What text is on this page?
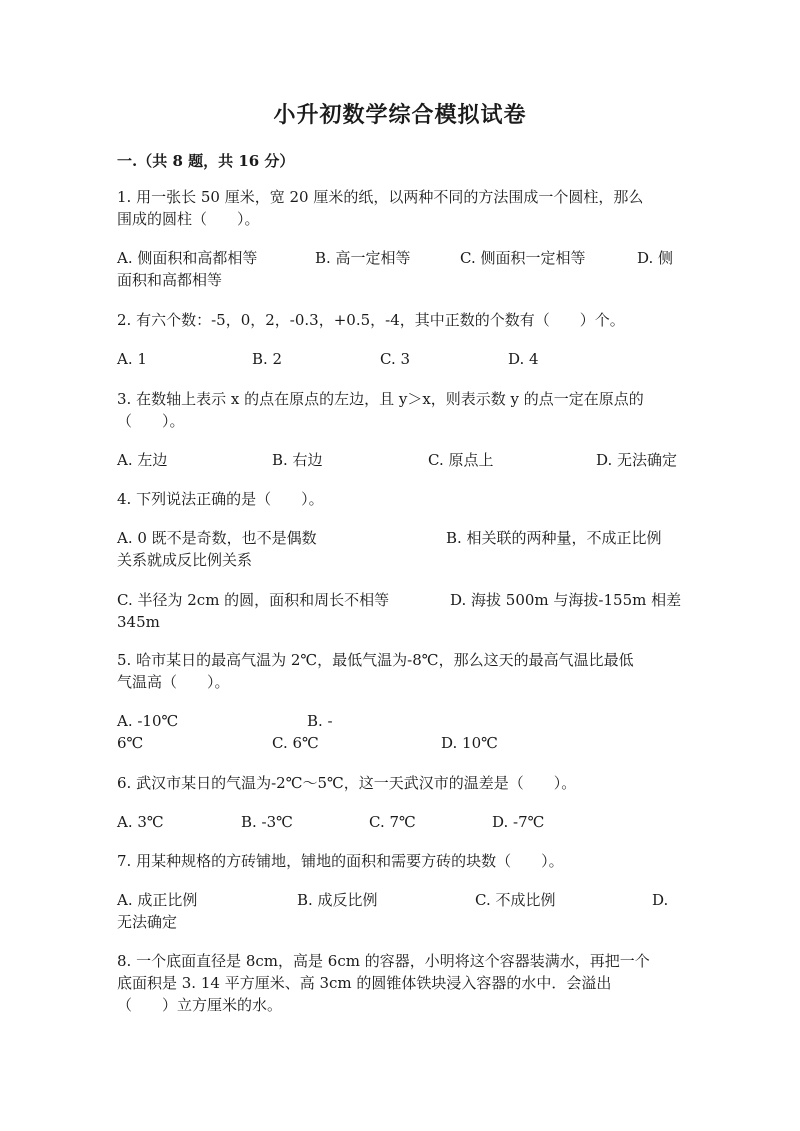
小升初数学综合模拟试卷
一.（共 8 题，共 16 分）
1. 用一张长 50 厘米，宽 20 厘米的纸，以两种不同的方法围成一个圆柱，那么
围成的圆柱（　　）。
A. 侧面积和高都相等	B. 高一定相等	C. 侧面积一定相等	D. 侧
面积和高都相等
2. 有六个数：-5，0，2，-0.3，+0.5，-4，其中正数的个数有（　　）个。
A. 1	B. 2	C. 3	D. 4
3. 在数轴上表示 x 的点在原点的左边，且 y＞x，则表示数 y 的点一定在原点的
（　　）。
A. 左边	B. 右边	C. 原点上	D. 无法确定
4. 下列说法正确的是（　　）。
A. 0 既不是奇数，也不是偶数	B. 相关联的两种量，不成正比例
关系就成反比例关系
C. 半径为 2cm 的圆，面积和周长不相等	D. 海拔 500m 与海拔-155m 相差
345m
5. 哈市某日的最高气温为 2℃，最低气温为-8℃，那么这天的最高气温比最低
气温高（　　）。
A. -10℃	B. -
6℃	C. 6℃	D. 10℃
6. 武汉市某日的气温为-2℃～5℃，这一天武汉市的温差是（　　）。
A. 3℃	B. -3℃	C. 7℃	D. -7℃
7. 用某种规格的方砖铺地，铺地的面积和需要方砖的块数（　　）。
A. 成正比例	B. 成反比例	C. 不成比例	D.
无法确定
8. 一个底面直径是 8cm，高是 6cm 的容器，小明将这个容器装满水，再把一个
底面积是 3. 14 平方厘米、高 3cm 的圆锥体铁块浸入容器的水中．会溢出
（　　）立方厘米的水。
